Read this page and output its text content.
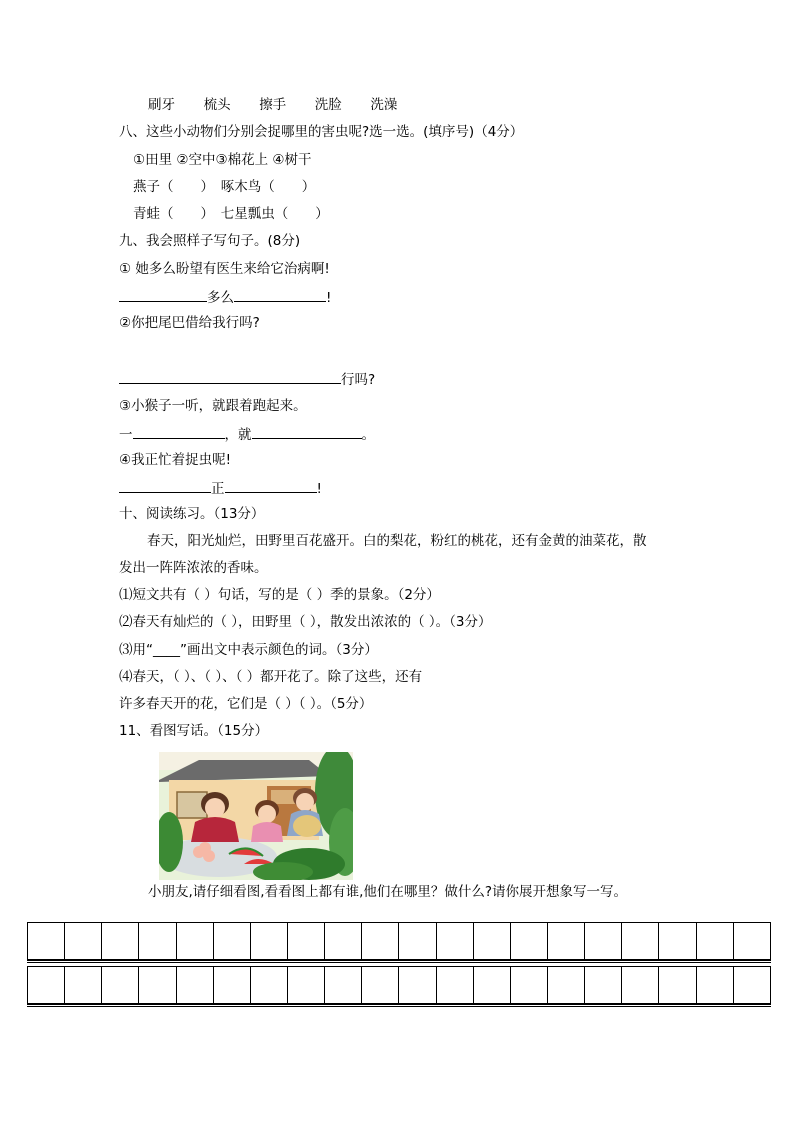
刷牙 梳头 擦手 洗脸 洗澡
八、这些小动物们分别会捉哪里的害虫呢?选一选。(填序号)（4分）
①田里 ②空中③棉花上 ④树干
燕子（　　）　啄木鸟（　　）
青蛙（　　）　七星瓢虫（　　）
九、我会照样子写句子。(8分)
① 她多么盼望有医生来给它治病啊!
多么	!
②你把尾巴借给我行吗?
行吗?
③小猴子一听，就跟着跑起来。
一	，就	。
④我正忙着捉虫呢!
正	!
十、阅读练习。（13分）
春天，阳光灿烂，田野里百花盛开。白的梨花，粉红的桃花，还有金黄的油菜花，散
发出一阵阵浓浓的香味。
⑴短文共有（ ）句话，写的是（ ）季的景象。（2分）
⑵春天有灿烂的（ ），田野里（ ），散发出浓浓的（ ）。（3分）
⑶用“____”画出文中表示颜色的词。（3分）
⑷春天，（ ）、（ ）、（ ）都开花了。除了这些，还有
许多春天开的花，它们是（ ）（ ）。（5分）
11、看图写话。（15分）
小朋友,请仔细看图,看看图上都有谁,他们在哪里？做什么?请你展开想象写一写。
